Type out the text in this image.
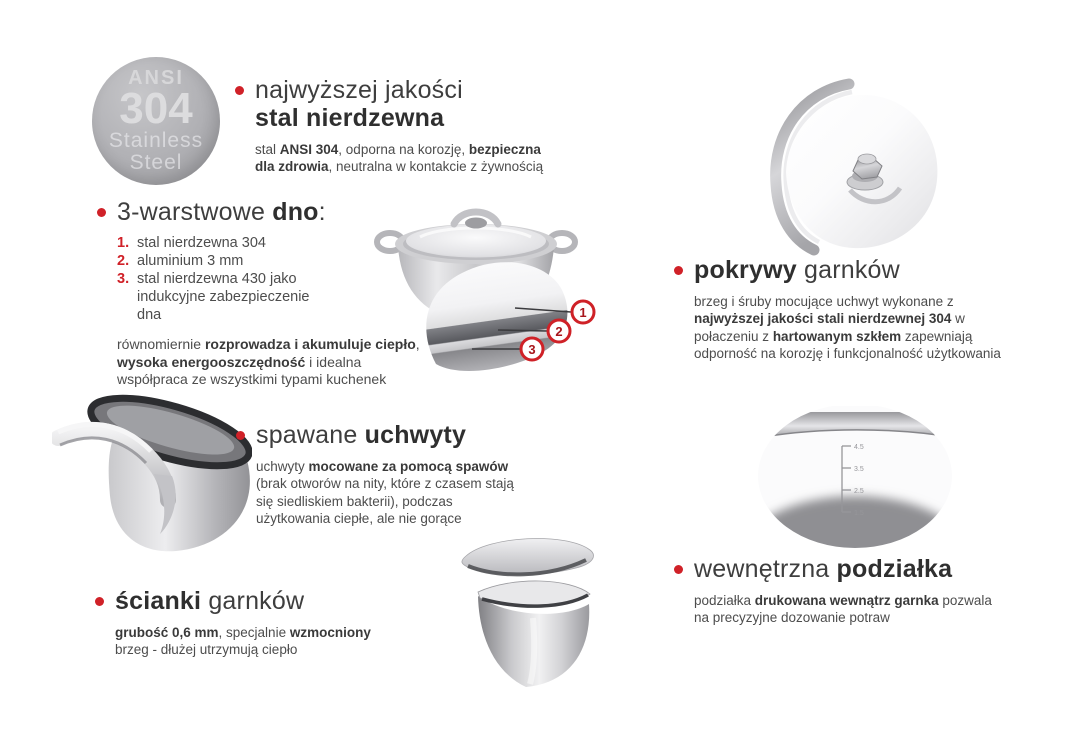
ANSI
304
Stainless
Steel
najwyższej jakości
stal nierdzewna
stal ANSI 304, odporna na korozję, bezpieczna dla zdrowia, neutralna w kontakcie z żywnością
3-warstwowe dno:
1. stal nierdzewna 304
2. aluminium 3 mm
3. stal nierdzewna 430 jako indukcyjne zabezpieczenie dna
równomiernie rozprowadza i akumuluje ciepło, wysoka energooszczędność i idealna współpraca ze wszystkimi typami kuchenek
1
2
3
pokrywy garnków
brzeg i śruby mocujące uchwyt wykonane z najwyższej jakości stali nierdzewnej 304 w połaczeniu z hartowanym szkłem zapewniają odporność na korozję i funkcjonalność użytkowania
spawane uchwyty
uchwyty mocowane za pomocą spawów (brak otworów na nity, które z czasem stają się siedliskiem bakterii), podczas użytkowania ciepłe, ale nie gorące
4.5
3.5
2.5
1.5
wewnętrzna podziałka
podziałka drukowana wewnątrz garnka pozwala na precyzyjne dozowanie potraw
ścianki garnków
grubość 0,6 mm, specjalnie wzmocniony brzeg - dłużej utrzymują ciepło
